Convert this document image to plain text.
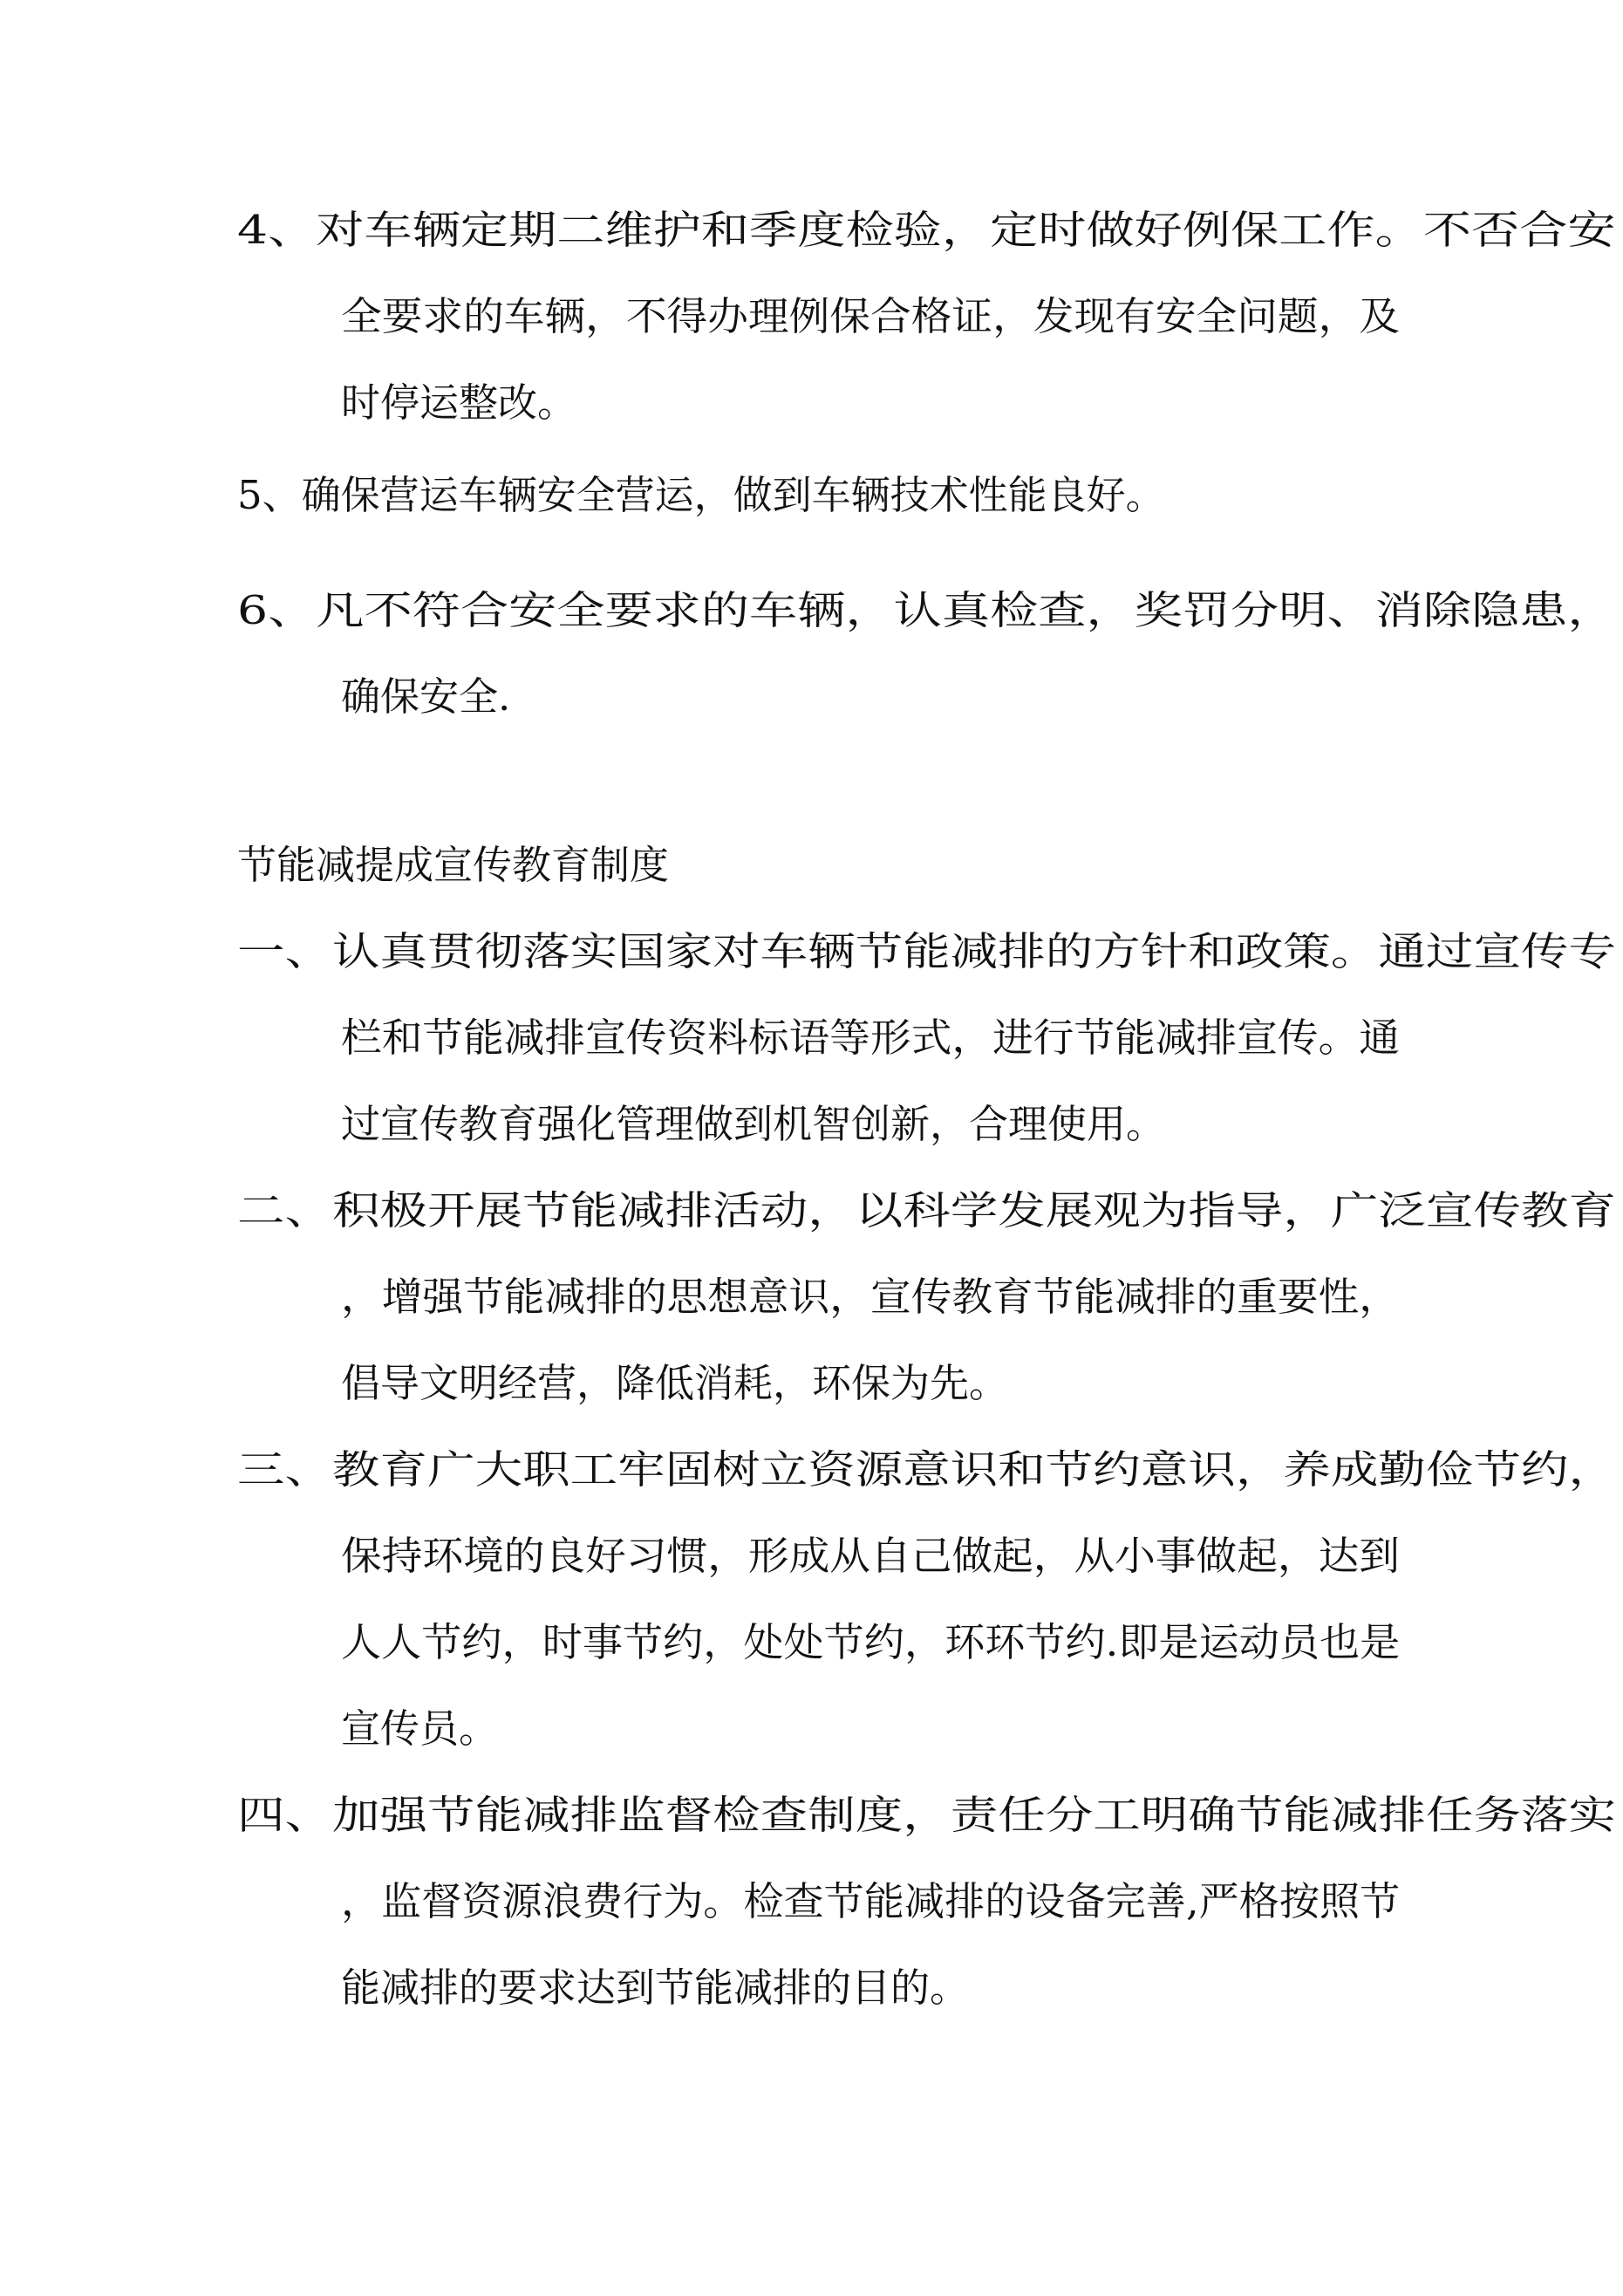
4、对车辆定期二维护和季度检验，定时做好例保工作。不否合安
全要求的车辆，不得办理例保合格证，发现有安全问题，及
时停运整改。
5、确保营运车辆安全营运，做到车辆技术性能良好。
6、凡不符合安全要求的车辆，认真检查，奖罚分明、消除隐患，
确保安全.
节能减提成宣传教育制度
一、认真贯彻落实国家对车辆节能减排的方针和政策。通过宣传专
栏和节能减排宣传资料标语等形式，进行节能减排宣传。通
过宣传教育强化管理做到机智创新，合理使用。
二、积极开展节能减排活动，以科学发展观为指导，广泛宣传教育
，增强节能减排的思想意识，宣传教育节能减排的重要性，
倡导文明经营，降低消耗，环保为先。
三、教育广大职工牢固树立资源意识和节约意识，养成勤俭节约，
保持环境的良好习惯，形成从自己做起，从小事做起，达到
人人节约，时事节约，处处节约，环环节约.即是运动员也是
宣传员。
四、加强节能减排监督检查制度，责任分工明确节能减排任务落实
，监督资源浪费行为。检查节能减排的设备完善,严格按照节
能减排的要求达到节能减排的目的。
